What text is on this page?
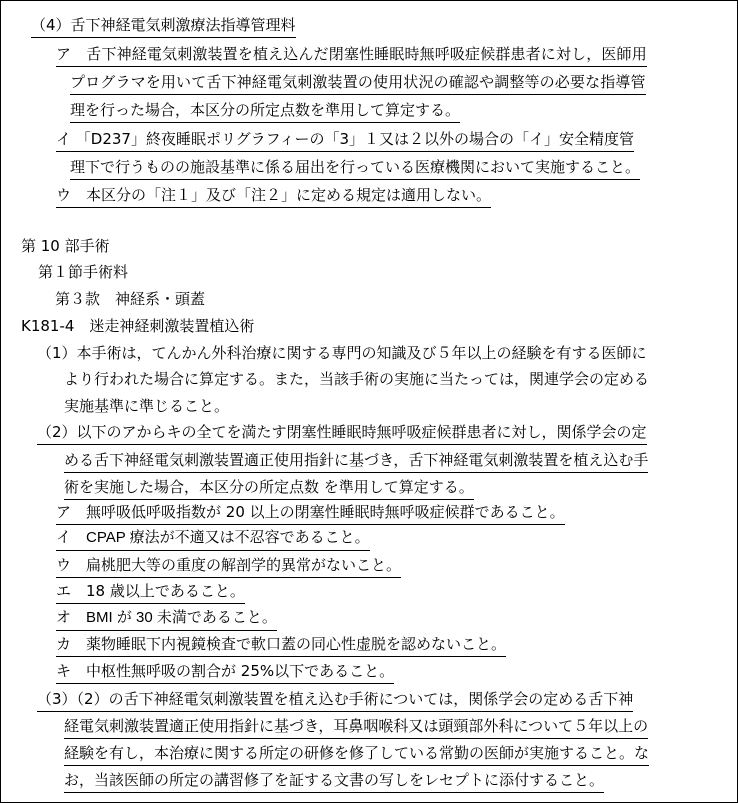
（4）舌下神経電気刺激療法指導管理料
ア　舌下神経電気刺激装置を植え込んだ閉塞性睡眠時無呼吸症候群患者に対し，医師用
プログラマを用いて舌下神経電気刺激装置の使用状況の確認や調整等の必要な指導管
理を行った場合，本区分の所定点数を準用して算定する。
イ 「D237」終夜睡眠ポリグラフィーの「3」１又は２以外の場合の「イ」安全精度管
理下で行うものの施設基準に係る届出を行っている医療機関において実施すること。
ウ　本区分の「注１」及び「注２」に定める規定は適用しない。
第 10 部手術
第１節手術料
第３款　神経系・頭蓋
K181-4　迷走神経刺激装置植込術
（1）本手術は，てんかん外科治療に関する専門の知識及び５年以上の経験を有する医師に
より行われた場合に算定する。また，当該手術の実施に当たっては，関連学会の定める
実施基準に準じること。
（2）以下のアからキの全てを満たす閉塞性睡眠時無呼吸症候群患者に対し，関係学会の定
める舌下神経電気刺激装置適正使用指針に基づき，舌下神経電気刺激装置を植え込む手
術を実施した場合，本区分の所定点数 を準用して算定する。
ア　無呼吸低呼吸指数が 20 以上の閉塞性睡眠時無呼吸症候群であること。
イ　CPAP 療法が不適又は不忍容であること。
ウ　扁桃肥大等の重度の解剖学的異常がないこと。
エ　18 歳以上であること。
オ　BMI が 30 未満であること。
カ　薬物睡眠下内視鏡検査で軟口蓋の同心性虚脱を認めないこと。
キ　中枢性無呼吸の割合が 25%以下であること。
（3）（2）の舌下神経電気刺激装置を植え込む手術については，関係学会の定める舌下神
経電気刺激装置適正使用指針に基づき，耳鼻咽喉科又は頭頸部外科について５年以上の
経験を有し，本治療に関する所定の研修を修了している常勤の医師が実施すること。な
お，当該医師の所定の講習修了を証する文書の写しをレセプトに添付すること。
